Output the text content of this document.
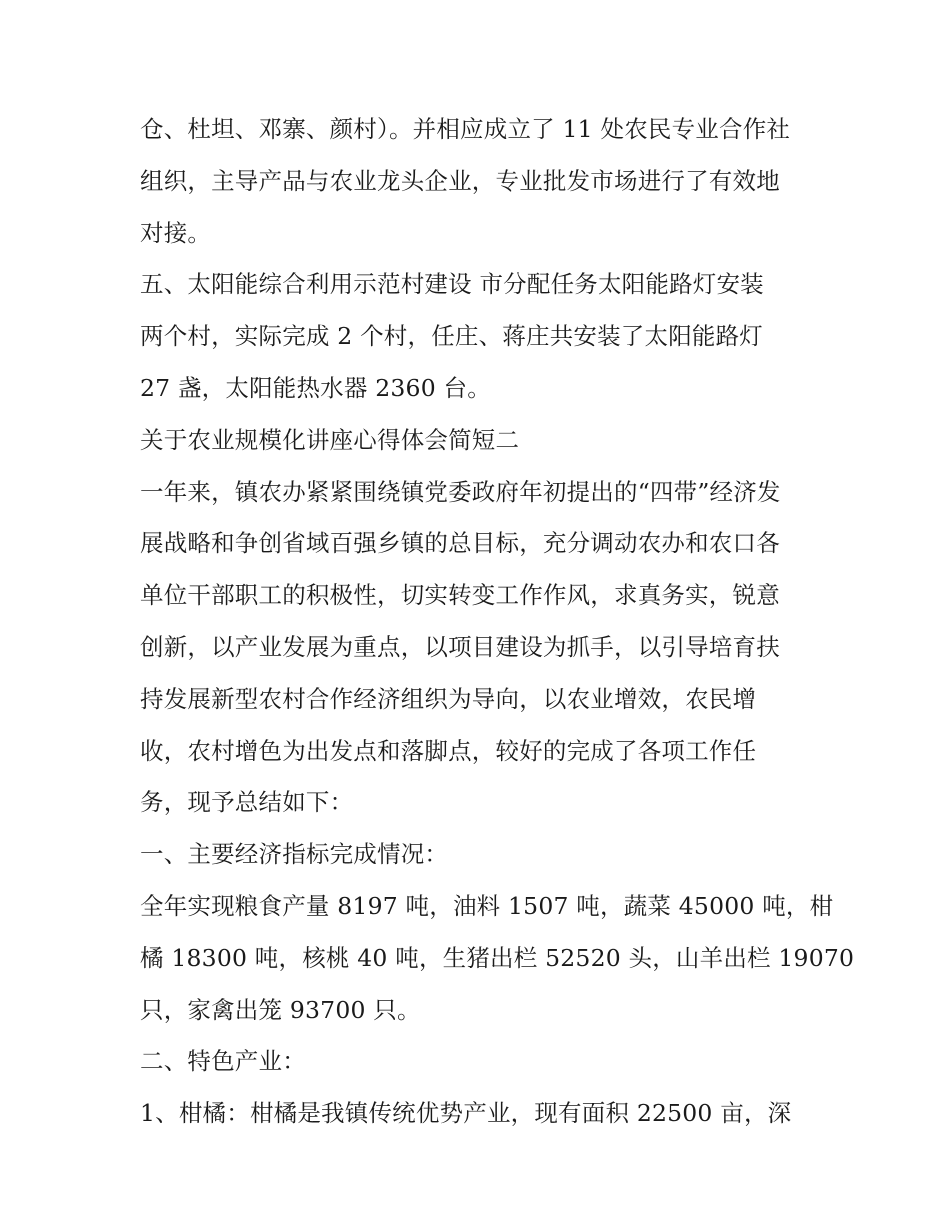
仓、杜坦、邓寨、颜村）。并相应成立了 11 处农民专业合作社
组织，主导产品与农业龙头企业，专业批发市场进行了有效地
对接。
五、太阳能综合利用示范村建设 市分配任务太阳能路灯安装
两个村，实际完成 2 个村，任庄、蒋庄共安装了太阳能路灯
27 盏，太阳能热水器 2360 台。
关于农业规模化讲座心得体会简短二
一年来，镇农办紧紧围绕镇党委政府年初提出的“四带”经济发
展战略和争创省域百强乡镇的总目标，充分调动农办和农口各
单位干部职工的积极性，切实转变工作作风，求真务实，锐意
创新，以产业发展为重点，以项目建设为抓手，以引导培育扶
持发展新型农村合作经济组织为导向，以农业增效，农民增
收，农村增色为出发点和落脚点，较好的完成了各项工作任
务，现予总结如下：
一、主要经济指标完成情况：
全年实现粮食产量 8197 吨，油料 1507 吨，蔬菜 45000 吨，柑
橘 18300 吨，核桃 40 吨，生猪出栏 52520 头，山羊出栏 19070
只，家禽出笼 93700 只。
二、特色产业：
1、柑橘：柑橘是我镇传统优势产业，现有面积 22500 亩，深
